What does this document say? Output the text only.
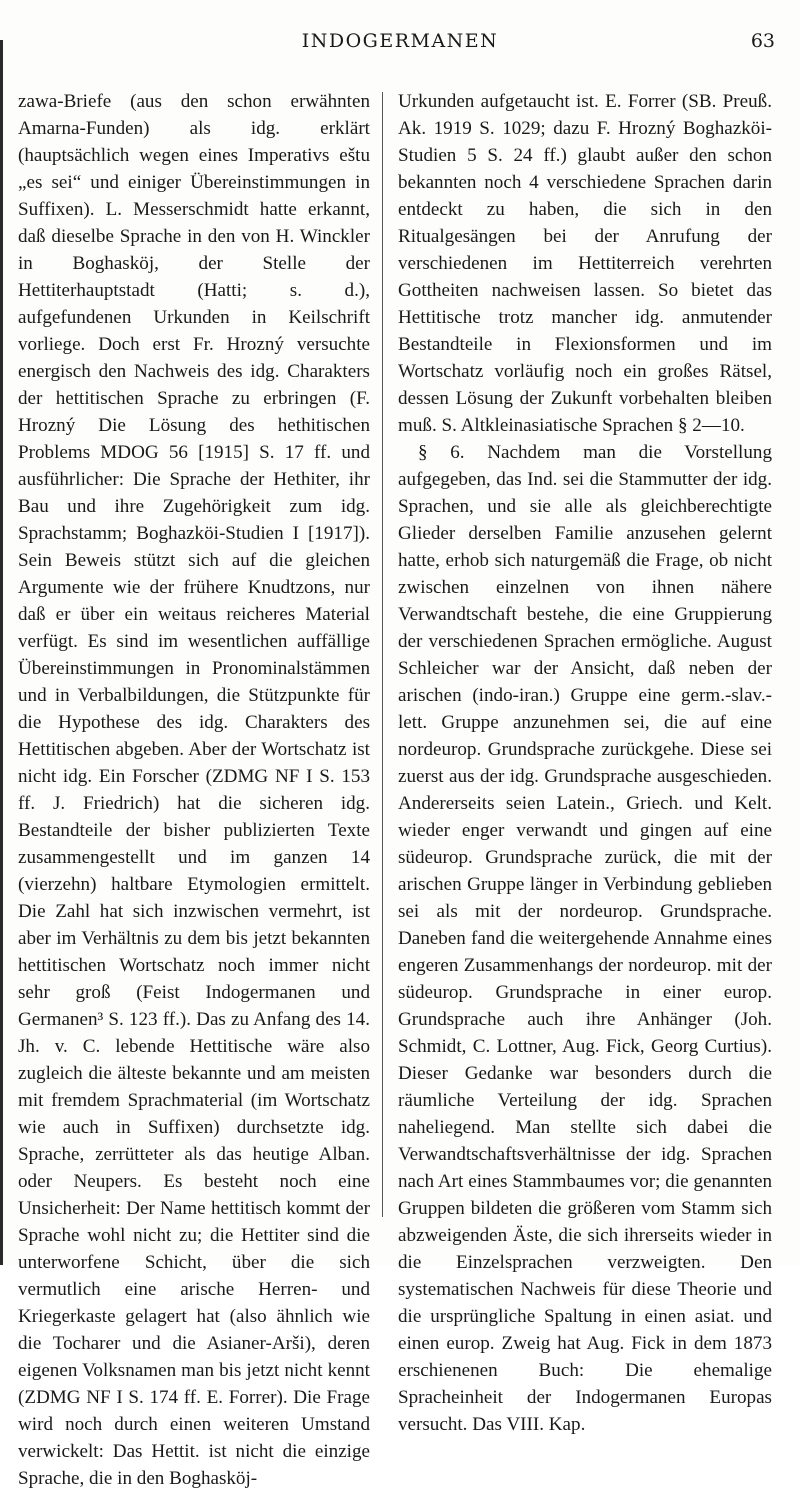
INDOGERMANEN	63

zawa-Briefe (aus den schon erwähnten Amarna-Funden) als idg. erklärt (hauptsächlich wegen eines Imperativs eštu „es sei“ und einiger Übereinstimmungen in Suffixen). L. Messerschmidt hatte erkannt, daß dieselbe Sprache in den von H. Winckler in Boghasköj, der Stelle der Hettiterhauptstadt (Hatti; s. d.), aufgefundenen Urkunden in Keilschrift vorliege. Doch erst Fr. Hrozný versuchte energisch den Nachweis des idg. Charakters der hettitischen Sprache zu erbringen (F. Hrozný Die Lösung des hethitischen Problems MDOG 56 [1915] S. 17 ff. und ausführlicher: Die Sprache der Hethiter, ihr Bau und ihre Zugehörigkeit zum idg. Sprachstamm; Boghazköi-Studien I [1917]). Sein Beweis stützt sich auf die gleichen Argumente wie der frühere Knudtzons, nur daß er über ein weitaus reicheres Material verfügt. Es sind im wesentlichen auffällige Übereinstimmungen in Pronominalstämmen und in Verbalbildungen, die Stützpunkte für die Hypothese des idg. Charakters des Hettitischen abgeben. Aber der Wortschatz ist nicht idg. Ein Forscher (ZDMG NF I S. 153 ff. J. Friedrich) hat die sicheren idg. Bestandteile der bisher publizierten Texte zusammengestellt und im ganzen 14 (vierzehn) haltbare Etymologien ermittelt. Die Zahl hat sich inzwischen vermehrt, ist aber im Verhältnis zu dem bis jetzt bekannten hettitischen Wortschatz noch immer nicht sehr groß (Feist Indogermanen und Germanen³ S. 123 ff.). Das zu Anfang des 14. Jh. v. C. lebende Hettitische wäre also zugleich die älteste bekannte und am meisten mit fremdem Sprachmaterial (im Wortschatz wie auch in Suffixen) durchsetzte idg. Sprache, zerrütteter als das heutige Alban. oder Neupers. Es besteht noch eine Unsicherheit: Der Name hettitisch kommt der Sprache wohl nicht zu; die Hettiter sind die unterworfene Schicht, über die sich vermutlich eine arische Herren- und Kriegerkaste gelagert hat (also ähnlich wie die Tocharer und die Asianer-Arši), deren eigenen Volksnamen man bis jetzt nicht kennt (ZDMG NF I S. 174 ff. E. Forrer). Die Frage wird noch durch einen weiteren Umstand verwickelt: Das Hettit. ist nicht die einzige Sprache, die in den Boghasköj-

Urkunden aufgetaucht ist. E. Forrer (SB. Preuß. Ak. 1919 S. 1029; dazu F. Hrozný Boghazköi-Studien 5 S. 24 ff.) glaubt außer den schon bekannten noch 4 verschiedene Sprachen darin entdeckt zu haben, die sich in den Ritualgesängen bei der Anrufung der verschiedenen im Hettiterreich verehrten Gottheiten nachweisen lassen. So bietet das Hettitische trotz mancher idg. anmutender Bestandteile in Flexionsformen und im Wortschatz vorläufig noch ein großes Rätsel, dessen Lösung der Zukunft vorbehalten bleiben muß. S. Altkleinasiatische Sprachen § 2—10.

§ 6. Nachdem man die Vorstellung aufgegeben, das Ind. sei die Stammutter der idg. Sprachen, und sie alle als gleichberechtigte Glieder derselben Familie anzusehen gelernt hatte, erhob sich naturgemäß die Frage, ob nicht zwischen einzelnen von ihnen nähere Verwandtschaft bestehe, die eine Gruppierung der verschiedenen Sprachen ermögliche. August Schleicher war der Ansicht, daß neben der arischen (indo-iran.) Gruppe eine germ.-slav.-lett. Gruppe anzunehmen sei, die auf eine nordeurop. Grundsprache zurückgehe. Diese sei zuerst aus der idg. Grundsprache ausgeschieden. Andererseits seien Latein., Griech. und Kelt. wieder enger verwandt und gingen auf eine südeurop. Grundsprache zurück, die mit der arischen Gruppe länger in Verbindung geblieben sei als mit der nordeurop. Grundsprache. Daneben fand die weitergehende Annahme eines engeren Zusammenhangs der nordeurop. mit der südeurop. Grundsprache in einer europ. Grundsprache auch ihre Anhänger (Joh. Schmidt, C. Lottner, Aug. Fick, Georg Curtius). Dieser Gedanke war besonders durch die räumliche Verteilung der idg. Sprachen naheliegend. Man stellte sich dabei die Verwandtschaftsverhältnisse der idg. Sprachen nach Art eines Stammbaumes vor; die genannten Gruppen bildeten die größeren vom Stamm sich abzweigenden Äste, die sich ihrerseits wieder in die Einzelsprachen verzweigten. Den systematischen Nachweis für diese Theorie und die ursprüngliche Spaltung in einen asiat. und einen europ. Zweig hat Aug. Fick in dem 1873 erschienenen Buch: Die ehemalige Spracheinheit der Indogermanen Europas versucht. Das VIII. Kap.
